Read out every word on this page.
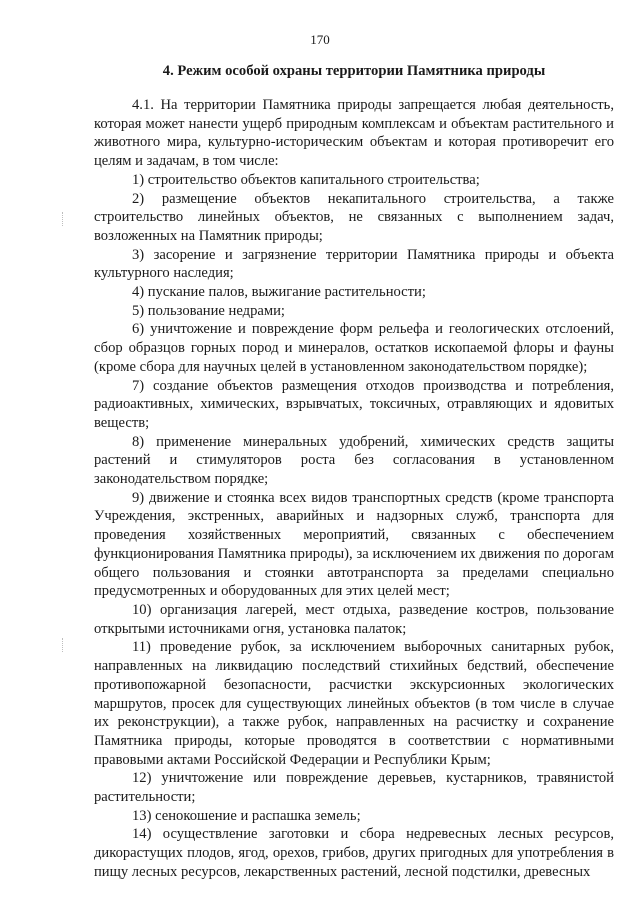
170
4. Режим особой охраны территории Памятника природы

4.1. На территории Памятника природы запрещается любая деятельность, которая может нанести ущерб природным комплексам и объектам растительного и животного мира, культурно-историческим объектам и которая противоречит его целям и задачам, в том числе:

1) строительство объектов капитального строительства;

2) размещение объектов некапитального строительства, а также строительство линейных объектов, не связанных с выполнением задач, возложенных на Памятник природы;

3) засорение и загрязнение территории Памятника природы и объекта культурного наследия;

4) пускание палов, выжигание растительности;

5) пользование недрами;

6) уничтожение и повреждение форм рельефа и геологических отслоений, сбор образцов горных пород и минералов, остатков ископаемой флоры и фауны (кроме сбора для научных целей в установленном законодательством порядке);

7) создание объектов размещения отходов производства и потребления, радиоактивных, химических, взрывчатых, токсичных, отравляющих и ядовитых веществ;

8) применение минеральных удобрений, химических средств защиты растений и стимуляторов роста без согласования в установленном законодательством порядке;

9) движение и стоянка всех видов транспортных средств (кроме транспорта Учреждения, экстренных, аварийных и надзорных служб, транспорта для проведения хозяйственных мероприятий, связанных с обеспечением функционирования Памятника природы), за исключением их движения по дорогам общего пользования и стоянки автотранспорта за пределами специально предусмотренных и оборудованных для этих целей мест;

10) организация лагерей, мест отдыха, разведение костров, пользование открытыми источниками огня, установка палаток;

11) проведение рубок, за исключением выборочных санитарных рубок, направленных на ликвидацию последствий стихийных бедствий, обеспечение противопожарной безопасности, расчистки экскурсионных экологических маршрутов, просек для существующих линейных объектов (в том числе в случае их реконструкции), а также рубок, направленных на расчистку и сохранение Памятника природы, которые проводятся в соответствии с нормативными правовыми актами Российской Федерации и Республики Крым;

12) уничтожение или повреждение деревьев, кустарников, травянистой растительности;

13) сенокошение и распашка земель;

14) осуществление заготовки и сбора недревесных лесных ресурсов, дикорастущих плодов, ягод, орехов, грибов, других пригодных для употребления в пищу лесных ресурсов, лекарственных растений, лесной подстилки, древесных
